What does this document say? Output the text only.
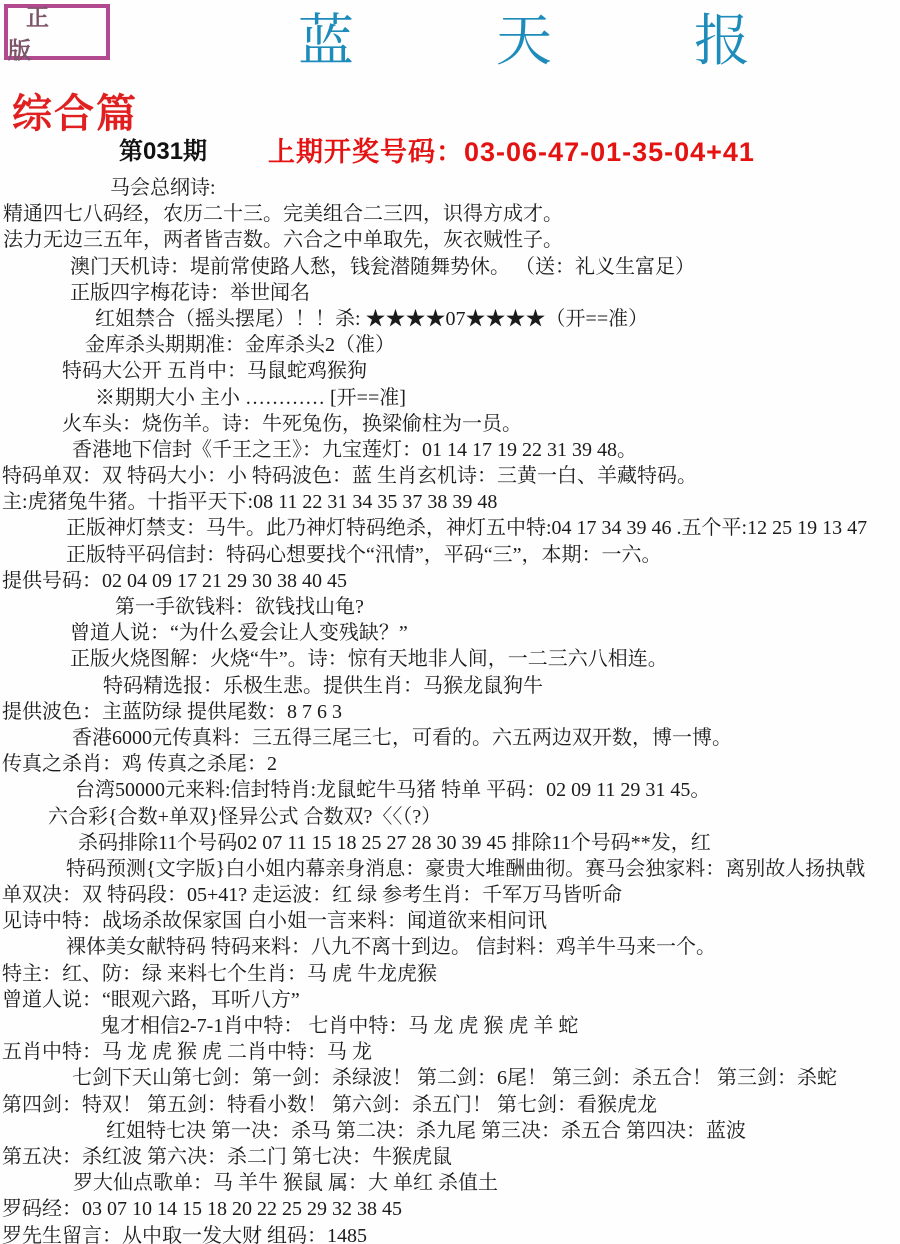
正 版	蓝 天 报
综合篇
第031期 上期开奖号码：03-06-47-01-35-04+41
马会总纲诗:
精通四七八码经，农历二十三。完美组合二三四，识得方成才。
法力无边三五年，两者皆吉数。六合之中单取先，灰衣贼性子。
澳门天机诗：堤前常使路人愁，钱瓮潜随舞势休。 （送：礼义生富足）
正版四字梅花诗：举世闻名
红姐禁合（摇头摆尾）！！杀: ★★★★07★★★★（开==准）
金库杀头期期准：金库杀头2（准）
特码大公开 五肖中：马鼠蛇鸡猴狗
※期期大小 主小 ………… [开==准]
火车头：烧伤羊。诗：牛死兔伤，换梁偷柱为一员。
香港地下信封《千王之王》：九宝莲灯：01 14 17 19 22 31 39 48。
特码单双：双 特码大小：小 特码波色：蓝 生肖玄机诗：三黄一白、羊藏特码。
主:虎猪兔牛猪。十指平天下:08 11 22 31 34 35 37 38 39 48
正版神灯禁支：马牛。此乃神灯特码绝杀，神灯五中特:04 17 34 39 46 .五个平:12 25 19 13 47
正版特平码信封：特码心想要找个“汛情”，平码“三”，本期：一六。
提供号码：02 04 09 17 21 29 30 38 40 45
第一手欲钱料：欲钱找山龟?
曾道人说：“为什么爱会让人变残缺？”
正版火烧图解：火烧“牛”。诗：惊有天地非人间，一二三六八相连。
特码精选报：乐极生悲。提供生肖：马猴龙鼠狗牛
提供波色：主蓝防绿 提供尾数：8 7 6 3
香港6000元传真料：三五得三尾三七，可看的。六五两边双开数，博一博。
传真之杀肖：鸡 传真之杀尾：2
台湾50000元来料:信封特肖:龙鼠蛇牛马猪 特单 平码：02 09 11 29 31 45。
六合彩{合数+单双}怪异公式 合数双?〈〈（?）
杀码排除11个号码02 07 11 15 18 25 27 28 30 39 45 排除11个号码**发，红
特码预测{文字版}白小姐内幕亲身消息：豪贵大堆酬曲彻。赛马会独家料：离别故人扬执戟
单双决：双 特码段：05+41? 走运波：红 绿 参考生肖：千军万马皆听命
见诗中特：战场杀故保家国 白小姐一言来料：闻道欲来相问讯
裸体美女献特码 特码来料：八九不离十到边。 信封料：鸡羊牛马来一个。
特主：红、防：绿 来料七个生肖：马 虎 牛龙虎猴
曾道人说：“眼观六路，耳听八方”
鬼才相信2-7-1肖中特： 七肖中特：马 龙 虎 猴 虎 羊 蛇
五肖中特：马 龙 虎 猴 虎 二肖中特：马 龙
七剑下天山第七剑：第一剑：杀绿波！ 第二剑：6尾！ 第三剑：杀五合！ 第三剑：杀蛇
第四剑：特双！ 第五剑：特看小数！ 第六剑：杀五门！ 第七剑：看猴虎龙
红姐特七决 第一决：杀马 第二决：杀九尾 第三决：杀五合 第四决：蓝波
第五决：杀红波 第六决：杀二门 第七决：牛猴虎鼠
罗大仙点歌单：马 羊牛 猴鼠 属：大 单红 杀值土
罗码经：03 07 10 14 15 18 20 22 25 29 32 38 45
罗先生留言：从中取一发大财 组码：1485
